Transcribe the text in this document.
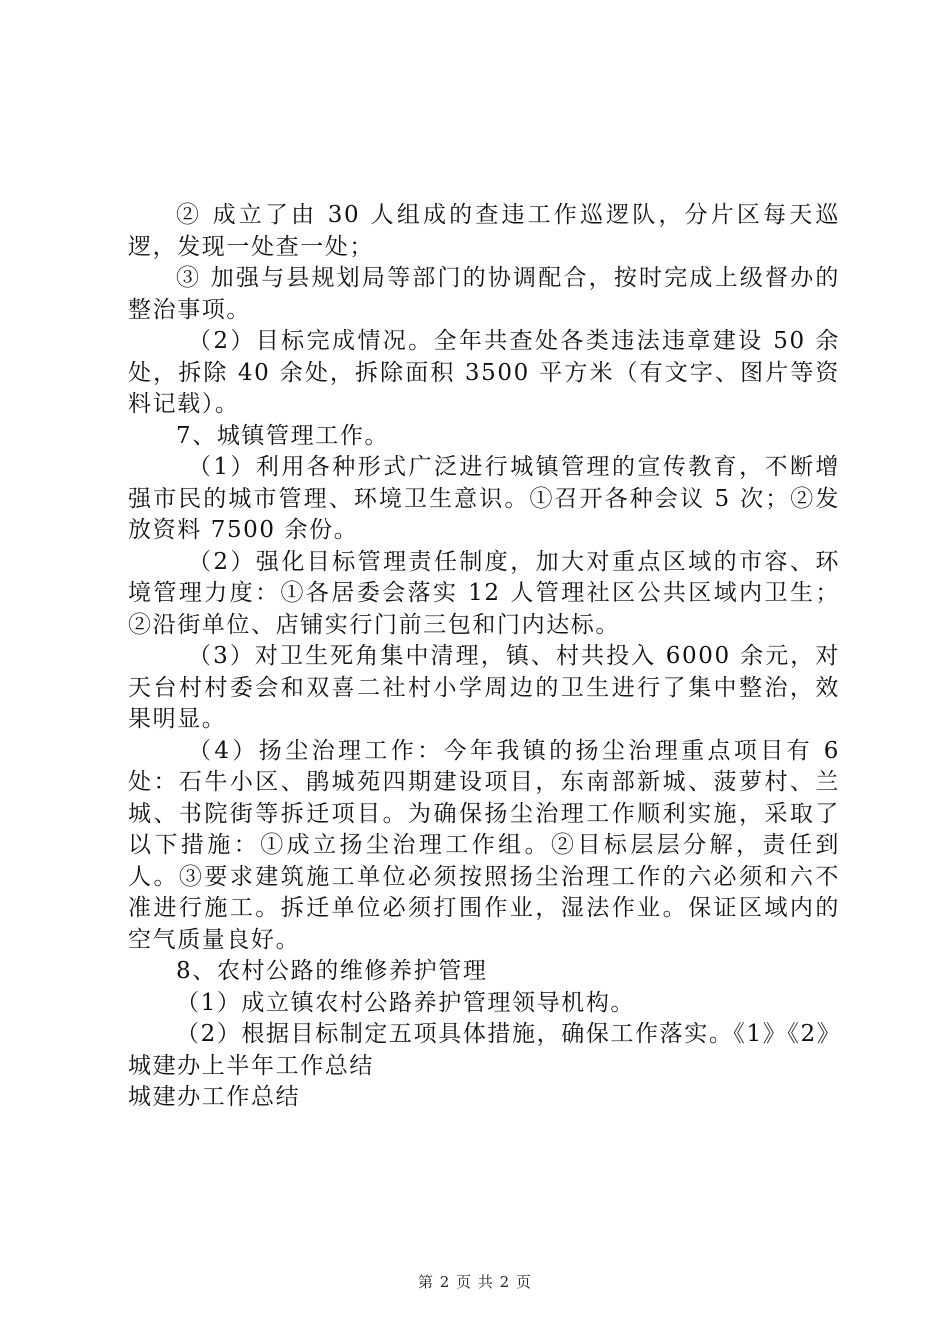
② 成立了由 30 人组成的查违工作巡逻队，分片区每天巡逻，发现一处查一处；

③ 加强与县规划局等部门的协调配合，按时完成上级督办的整治事项。

（2）目标完成情况。全年共查处各类违法违章建设 50 余处，拆除 40 余处，拆除面积 3500 平方米（有文字、图片等资料记载）。

7、城镇管理工作。

（1）利用各种形式广泛进行城镇管理的宣传教育，不断增强市民的城市管理、环境卫生意识。①召开各种会议 5 次；②发放资料 7500 余份。

（2）强化目标管理责任制度，加大对重点区域的市容、环境管理力度：①各居委会落实 12 人管理社区公共区域内卫生；②沿街单位、店铺实行门前三包和门内达标。

（3）对卫生死角集中清理，镇、村共投入 6000 余元，对天台村村委会和双喜二社村小学周边的卫生进行了集中整治，效果明显。

（4）扬尘治理工作：今年我镇的扬尘治理重点项目有 6 处：石牛小区、鹃城苑四期建设项目，东南部新城、菠萝村、兰城、书院街等拆迁项目。为确保扬尘治理工作顺利实施，采取了以下措施：①成立扬尘治理工作组。②目标层层分解，责任到人。③要求建筑施工单位必须按照扬尘治理工作的六必须和六不准进行施工。拆迁单位必须打围作业，湿法作业。保证区域内的空气质量良好。

8、农村公路的维修养护管理

（1）成立镇农村公路养护管理领导机构。

（2）根据目标制定五项具体措施，确保工作落实。《1》《2》

城建办上半年工作总结

城建办工作总结

第 2 页 共 2 页
